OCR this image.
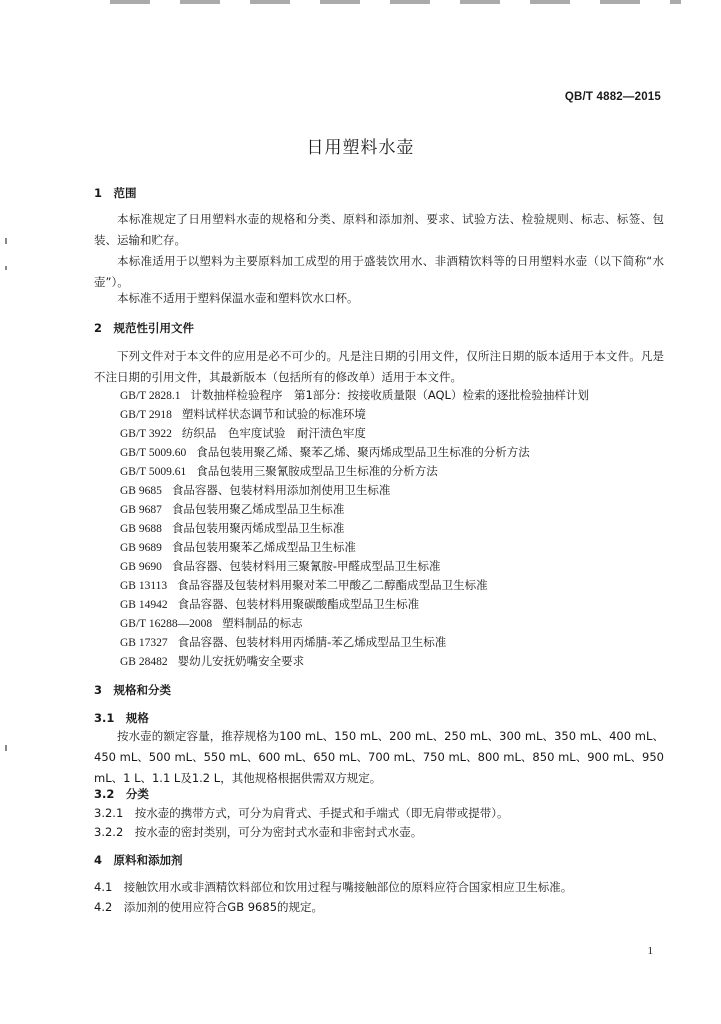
QB/T 4882—2015
日用塑料水壶
1　范围
本标准规定了日用塑料水壶的规格和分类、原料和添加剂、要求、试验方法、检验规则、标志、标签、包装、运输和贮存。
本标准适用于以塑料为主要原料加工成型的用于盛装饮用水、非酒精饮料等的日用塑料水壶（以下简称“水壶”）。
本标准不适用于塑料保温水壶和塑料饮水口杯。
2　规范性引用文件
下列文件对于本文件的应用是必不可少的。凡是注日期的引用文件，仅所注日期的版本适用于本文件。凡是不注日期的引用文件，其最新版本（包括所有的修改单）适用于本文件。
GB/T 2828.1 计数抽样检验程序　第1部分：按接收质量限（AQL）检索的逐批检验抽样计划
GB/T 2918 塑料试样状态调节和试验的标准环境
GB/T 3922 纺织品　色牢度试验　耐汗渍色牢度
GB/T 5009.60 食品包装用聚乙烯、聚苯乙烯、聚丙烯成型品卫生标准的分析方法
GB/T 5009.61 食品包装用三聚氰胺成型品卫生标准的分析方法
GB 9685 食品容器、包装材料用添加剂使用卫生标准
GB 9687 食品包装用聚乙烯成型品卫生标准
GB 9688 食品包装用聚丙烯成型品卫生标准
GB 9689 食品包装用聚苯乙烯成型品卫生标准
GB 9690 食品容器、包装材料用三聚氰胺-甲醛成型品卫生标准
GB 13113 食品容器及包装材料用聚对苯二甲酸乙二醇酯成型品卫生标准
GB 14942 食品容器、包装材料用聚碳酸酯成型品卫生标准
GB/T 16288—2008 塑料制品的标志
GB 17327 食品容器、包装材料用丙烯腈-苯乙烯成型品卫生标准
GB 28482 婴幼儿安抚奶嘴安全要求
3　规格和分类
3.1　规格
按水壶的额定容量，推荐规格为100 mL、150 mL、200 mL、250 mL、300 mL、350 mL、400 mL、450 mL、500 mL、550 mL、600 mL、650 mL、700 mL、750 mL、800 mL、850 mL、900 mL、950 mL、1 L、1.1 L及1.2 L，其他规格根据供需双方规定。
3.2　分类
3.2.1　按水壶的携带方式，可分为肩背式、手提式和手端式（即无肩带或提带）。
3.2.2　按水壶的密封类别，可分为密封式水壶和非密封式水壶。
4　原料和添加剂
4.1　接触饮用水或非酒精饮料部位和饮用过程与嘴接触部位的原料应符合国家相应卫生标准。
4.2　添加剂的使用应符合GB 9685的规定。
1
